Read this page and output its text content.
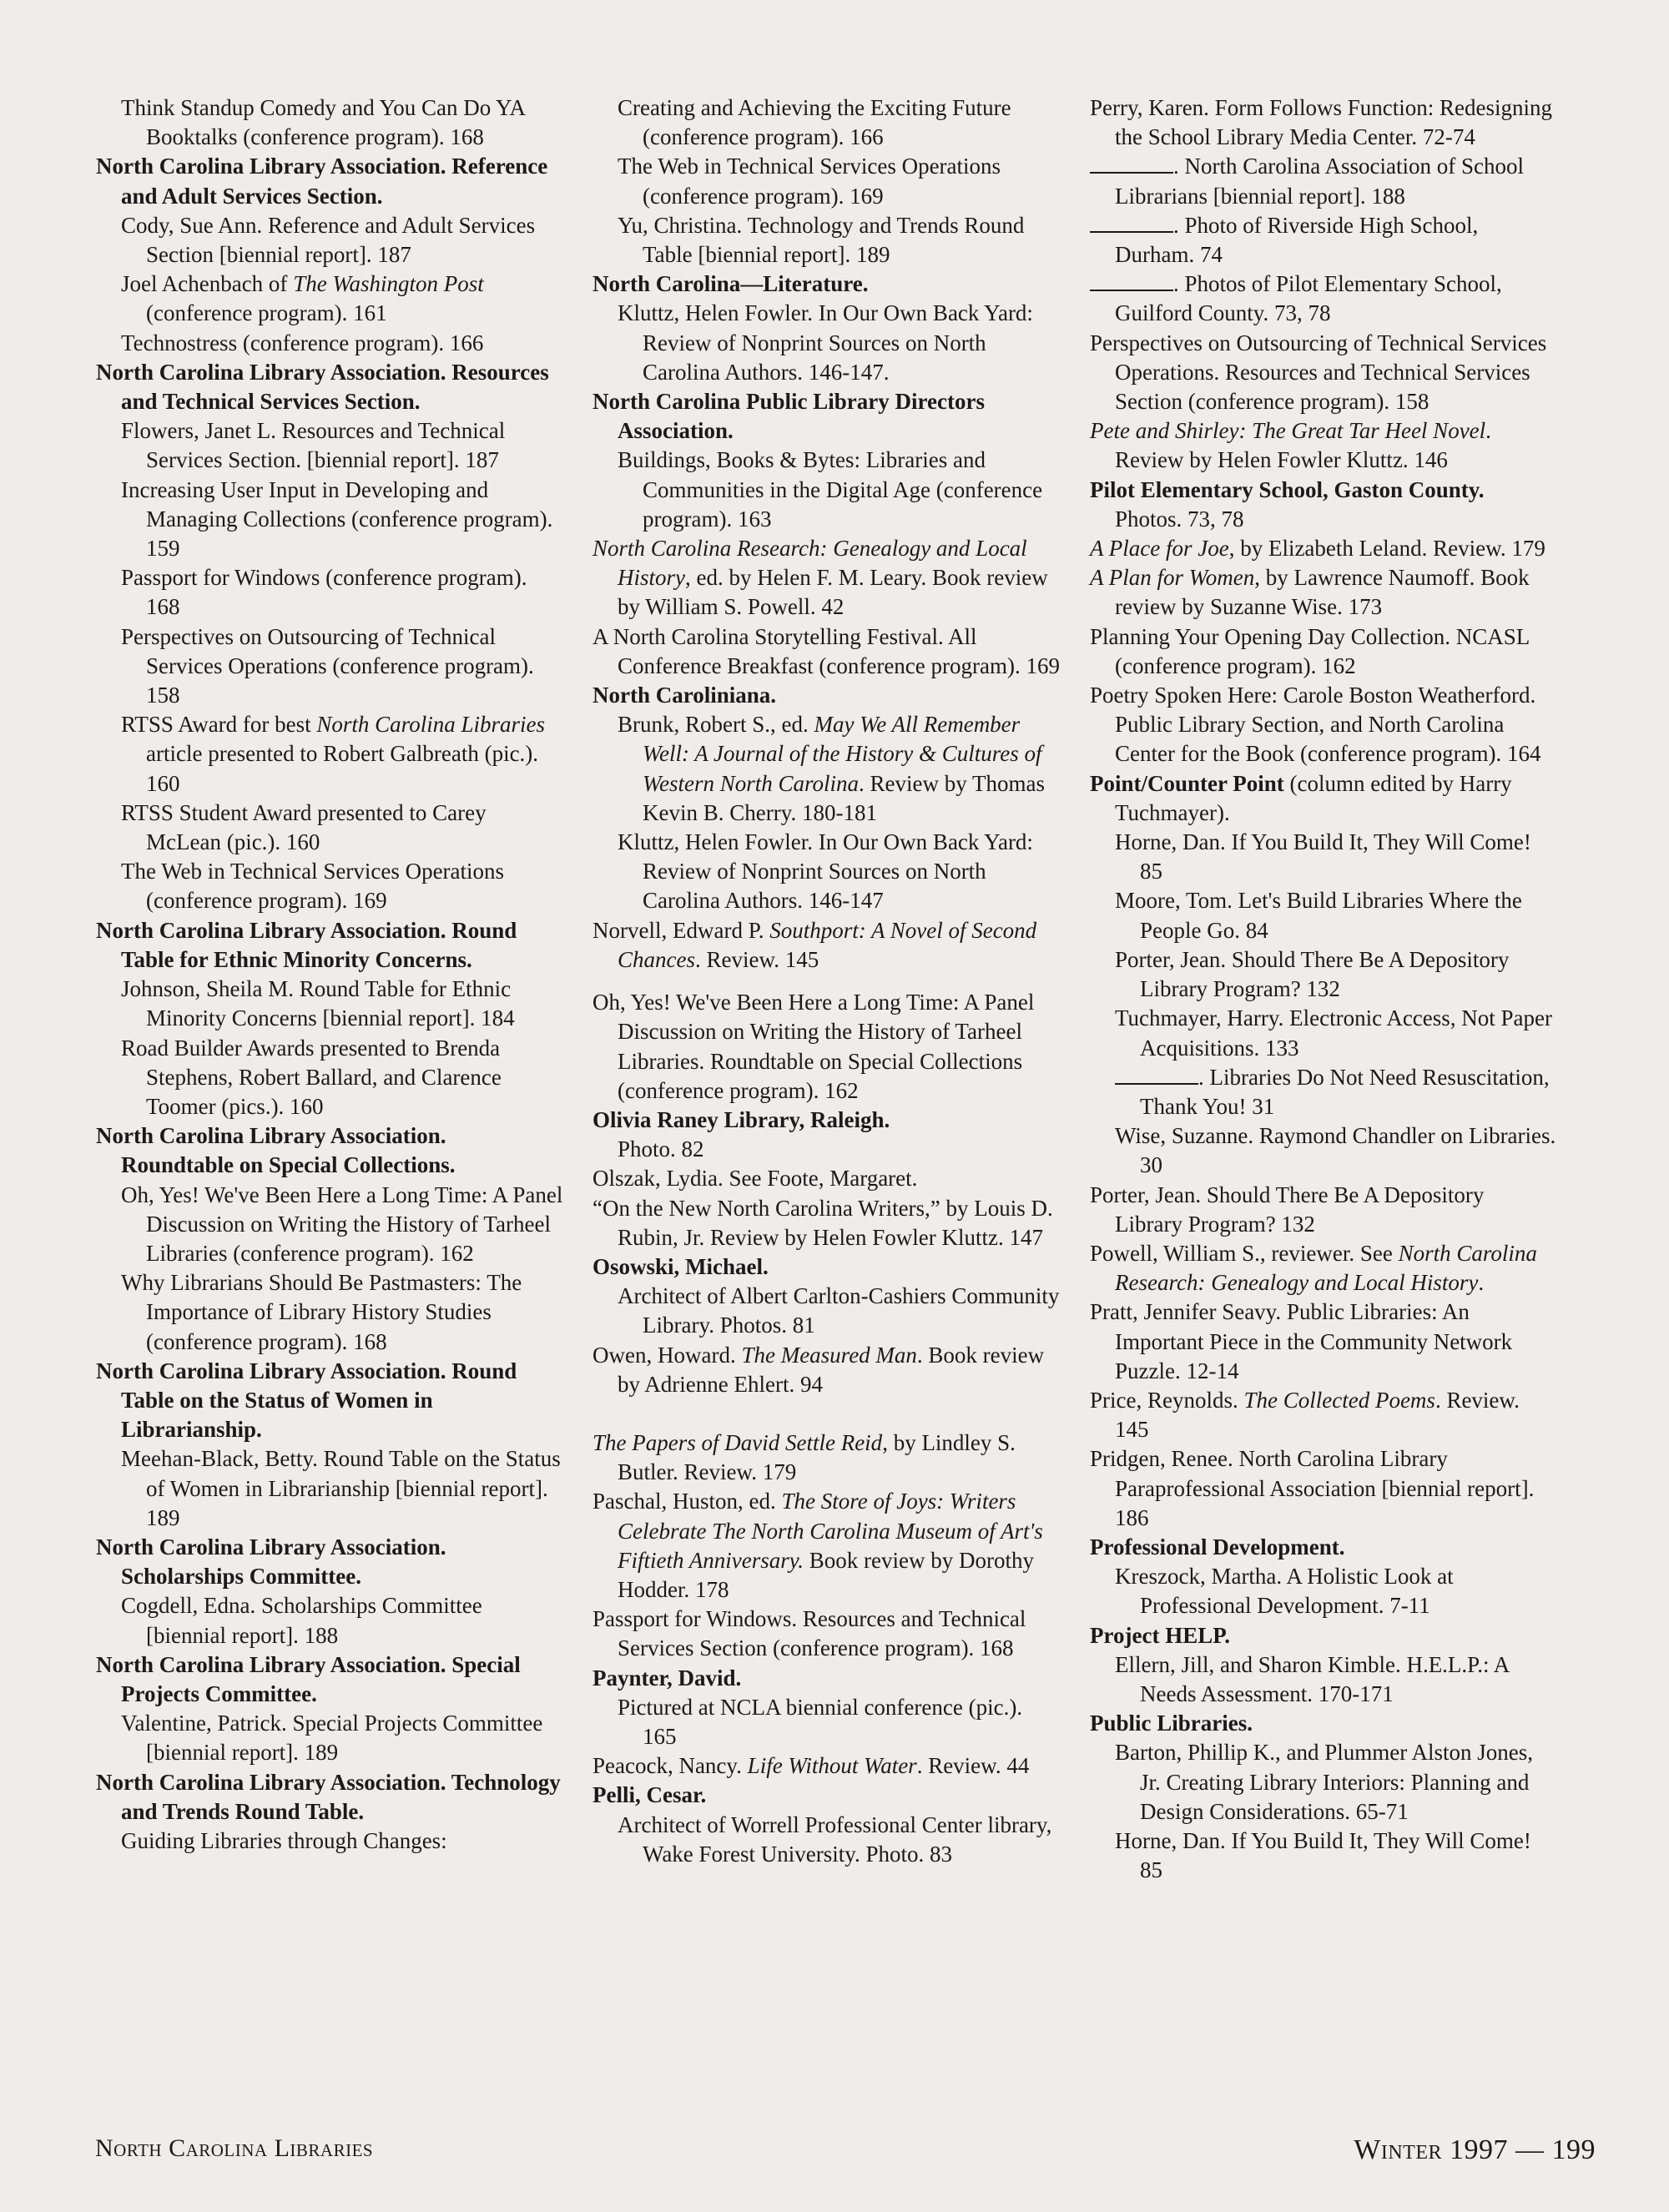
Think Standup Comedy and You Can Do YA Booktalks (conference program). 168

North Carolina Library Association. Reference and Adult Services Section.

Cody, Sue Ann. Reference and Adult Services Section [biennial report]. 187

Joel Achenbach of The Washington Post (conference program). 161

Technostress (conference program). 166

North Carolina Library Association. Resources and Technical Services Section.

Flowers, Janet L. Resources and Technical Services Section. [biennial report]. 187

Increasing User Input in Developing and Managing Collections (conference program). 159

Passport for Windows (conference program). 168

Perspectives on Outsourcing of Technical Services Operations (conference program). 158

RTSS Award for best North Carolina Libraries article presented to Robert Galbreath (pic.). 160

RTSS Student Award presented to Carey McLean (pic.). 160

The Web in Technical Services Operations (conference program). 169

North Carolina Library Association. Round Table for Ethnic Minority Concerns.

Johnson, Sheila M. Round Table for Ethnic Minority Concerns [biennial report]. 184

Road Builder Awards presented to Brenda Stephens, Robert Ballard, and Clarence Toomer (pics.). 160

North Carolina Library Association. Roundtable on Special Collections.

Oh, Yes! We've Been Here a Long Time: A Panel Discussion on Writing the History of Tarheel Libraries (conference program). 162

Why Librarians Should Be Pastmasters: The Importance of Library History Studies (conference program). 168

North Carolina Library Association. Round Table on the Status of Women in Librarianship.

Meehan-Black, Betty. Round Table on the Status of Women in Librarianship [biennial report]. 189

North Carolina Library Association. Scholarships Committee.

Cogdell, Edna. Scholarships Committee [biennial report]. 188

North Carolina Library Association. Special Projects Committee.

Valentine, Patrick. Special Projects Committee [biennial report]. 189

North Carolina Library Association. Technology and Trends Round Table.

Guiding Libraries through Changes:

Creating and Achieving the Exciting Future (conference program). 166

The Web in Technical Services Operations (conference program). 169

Yu, Christina. Technology and Trends Round Table [biennial report]. 189

North Carolina—Literature.

Kluttz, Helen Fowler. In Our Own Back Yard: Review of Nonprint Sources on North Carolina Authors. 146-147.

North Carolina Public Library Directors Association.

Buildings, Books & Bytes: Libraries and Communities in the Digital Age (conference program). 163

North Carolina Research: Genealogy and Local History, ed. by Helen F. M. Leary. Book review by William S. Powell. 42

A North Carolina Storytelling Festival. All Conference Breakfast (conference program). 169

North Caroliniana.

Brunk, Robert S., ed. May We All Remember Well: A Journal of the History & Cultures of Western North Carolina. Review by Thomas Kevin B. Cherry. 180-181

Kluttz, Helen Fowler. In Our Own Back Yard: Review of Nonprint Sources on North Carolina Authors. 146-147

Norvell, Edward P. Southport: A Novel of Second Chances. Review. 145

Oh, Yes! We've Been Here a Long Time: A Panel Discussion on Writing the History of Tarheel Libraries. Roundtable on Special Collections (conference program). 162

Olivia Raney Library, Raleigh.

Photo. 82

Olszak, Lydia. See Foote, Margaret.

“On the New North Carolina Writers,” by Louis D. Rubin, Jr. Review by Helen Fowler Kluttz. 147

Osowski, Michael.

Architect of Albert Carlton-Cashiers Community Library. Photos. 81

Owen, Howard. The Measured Man. Book review by Adrienne Ehlert. 94

The Papers of David Settle Reid, by Lindley S. Butler. Review. 179

Paschal, Huston, ed. The Store of Joys: Writers Celebrate The North Carolina Museum of Art's Fiftieth Anniversary. Book review by Dorothy Hodder. 178

Passport for Windows. Resources and Technical Services Section (conference program). 168

Paynter, David.

Pictured at NCLA biennial conference (pic.). 165

Peacock, Nancy. Life Without Water. Review. 44

Pelli, Cesar.

Architect of Worrell Professional Center library, Wake Forest University. Photo. 83

Perry, Karen. Form Follows Function: Redesigning the School Library Media Center. 72-74

. North Carolina Association of School Librarians [biennial report]. 188

. Photo of Riverside High School, Durham. 74

. Photos of Pilot Elementary School, Guilford County. 73, 78

Perspectives on Outsourcing of Technical Services Operations. Resources and Technical Services Section (conference program). 158

Pete and Shirley: The Great Tar Heel Novel. Review by Helen Fowler Kluttz. 146

Pilot Elementary School, Gaston County.

Photos. 73, 78

A Place for Joe, by Elizabeth Leland. Review. 179

A Plan for Women, by Lawrence Naumoff. Book review by Suzanne Wise. 173

Planning Your Opening Day Collection. NCASL (conference program). 162

Poetry Spoken Here: Carole Boston Weatherford. Public Library Section, and North Carolina Center for the Book (conference program). 164

Point/Counter Point (column edited by Harry Tuchmayer).

Horne, Dan. If You Build It, They Will Come! 85

Moore, Tom. Let's Build Libraries Where the People Go. 84

Porter, Jean. Should There Be A Depository Library Program? 132

Tuchmayer, Harry. Electronic Access, Not Paper Acquisitions. 133

. Libraries Do Not Need Resuscitation, Thank You! 31

Wise, Suzanne. Raymond Chandler on Libraries. 30

Porter, Jean. Should There Be A Depository Library Program? 132

Powell, William S., reviewer. See North Carolina Research: Genealogy and Local History.

Pratt, Jennifer Seavy. Public Libraries: An Important Piece in the Community Network Puzzle. 12-14

Price, Reynolds. The Collected Poems. Review. 145

Pridgen, Renee. North Carolina Library Paraprofessional Association [biennial report]. 186

Professional Development.

Kreszock, Martha. A Holistic Look at Professional Development. 7-11

Project HELP.

Ellern, Jill, and Sharon Kimble. H.E.L.P.: A Needs Assessment. 170-171

Public Libraries.

Barton, Phillip K., and Plummer Alston Jones, Jr. Creating Library Interiors: Planning and Design Considerations. 65-71

Horne, Dan. If You Build It, They Will Come! 85

North Carolina Libraries	Winter 1997 — 199
